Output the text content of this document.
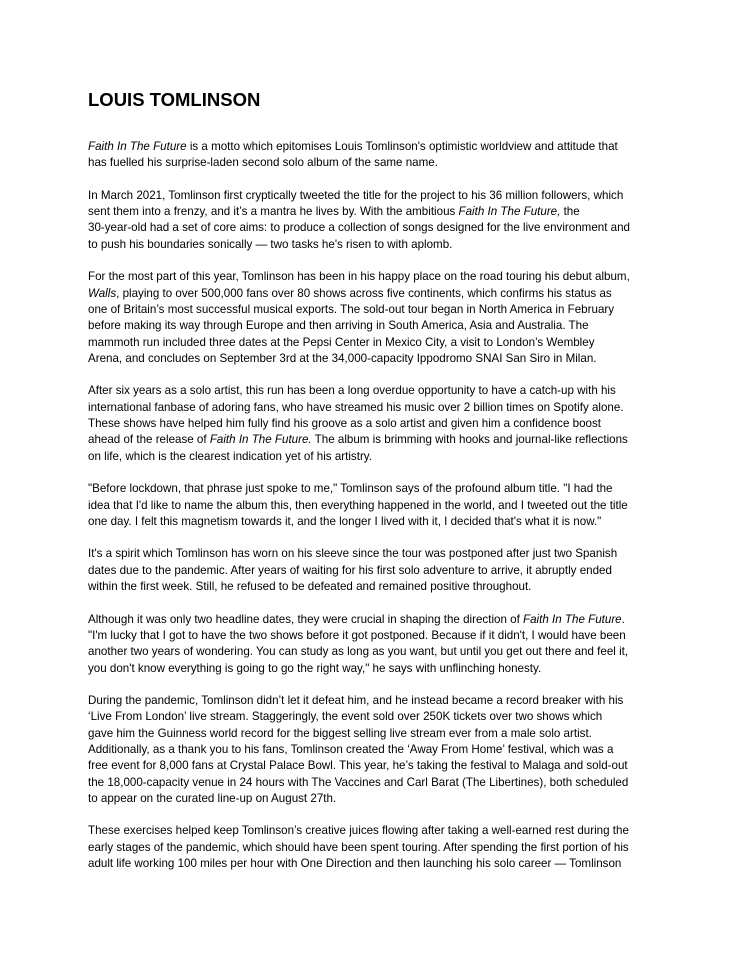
LOUIS TOMLINSON

Faith In The Future is a motto which epitomises Louis Tomlinson's optimistic worldview and attitude that
has fuelled his surprise-laden second solo album of the same name.

In March 2021, Tomlinson first cryptically tweeted the title for the project to his 36 million followers, which
sent them into a frenzy, and it’s a mantra he lives by. With the ambitious Faith In The Future, the
30-year-old had a set of core aims: to produce a collection of songs designed for the live environment and
to push his boundaries sonically — two tasks he's risen to with aplomb.

For the most part of this year, Tomlinson has been in his happy place on the road touring his debut album,
Walls, playing to over 500,000 fans over 80 shows across five continents, which confirms his status as
one of Britain’s most successful musical exports. The sold-out tour began in North America in February
before making its way through Europe and then arriving in South America, Asia and Australia. The
mammoth run included three dates at the Pepsi Center in Mexico City, a visit to London’s Wembley
Arena, and concludes on September 3rd at the 34,000-capacity Ippodromo SNAI San Siro in Milan.

After six years as a solo artist, this run has been a long overdue opportunity to have a catch-up with his
international fanbase of adoring fans, who have streamed his music over 2 billion times on Spotify alone.
These shows have helped him fully find his groove as a solo artist and given him a confidence boost
ahead of the release of Faith In The Future. The album is brimming with hooks and journal-like reflections
on life, which is the clearest indication yet of his artistry.

"Before lockdown, that phrase just spoke to me," Tomlinson says of the profound album title. "I had the
idea that I'd like to name the album this, then everything happened in the world, and I tweeted out the title
one day. I felt this magnetism towards it, and the longer I lived with it, I decided that's what it is now."

It's a spirit which Tomlinson has worn on his sleeve since the tour was postponed after just two Spanish
dates due to the pandemic. After years of waiting for his first solo adventure to arrive, it abruptly ended
within the first week. Still, he refused to be defeated and remained positive throughout.

Although it was only two headline dates, they were crucial in shaping the direction of Faith In The Future.
"I'm lucky that I got to have the two shows before it got postponed. Because if it didn't, I would have been
another two years of wondering. You can study as long as you want, but until you get out there and feel it,
you don't know everything is going to go the right way," he says with unflinching honesty.

During the pandemic, Tomlinson didn’t let it defeat him, and he instead became a record breaker with his
‘Live From London’ live stream. Staggeringly, the event sold over 250K tickets over two shows which
gave him the Guinness world record for the biggest selling live stream ever from a male solo artist.
Additionally, as a thank you to his fans, Tomlinson created the ‘Away From Home’ festival, which was a
free event for 8,000 fans at Crystal Palace Bowl. This year, he’s taking the festival to Malaga and sold-out
the 18,000-capacity venue in 24 hours with The Vaccines and Carl Barat (The Libertines), both scheduled
to appear on the curated line-up on August 27th.

These exercises helped keep Tomlinson’s creative juices flowing after taking a well-earned rest during the
early stages of the pandemic, which should have been spent touring. After spending the first portion of his
adult life working 100 miles per hour with One Direction and then launching his solo career — Tomlinson
